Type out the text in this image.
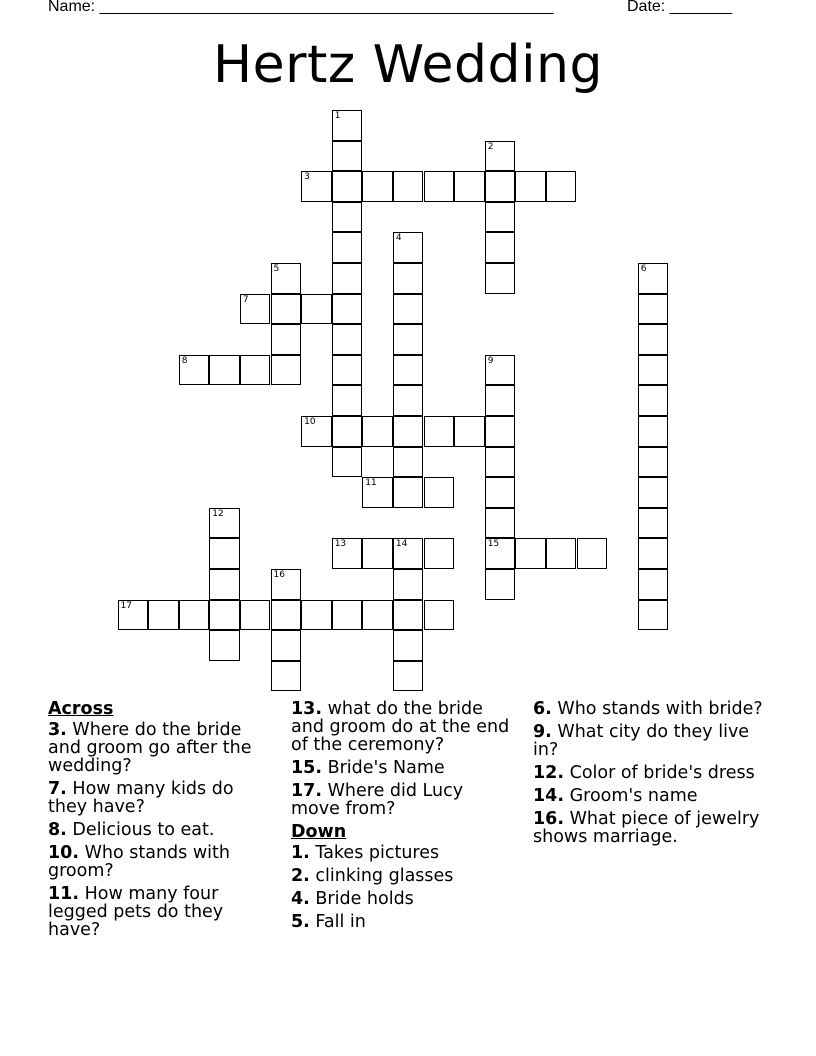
Name: ___________________________________________________	Date: _______
Hertz Wedding
1
2
3
4
5	6
7
8	9
15
10
11
12
13	14
16
17
Across
3. Where do the bride and groom go after the wedding?
7. How many kids do they have?
8. Delicious to eat.
10. Who stands with groom?
11. How many four legged pets do they have?
13. what do the bride and groom do at the end of the ceremony?
15. Bride's Name
17. Where did Lucy move from?
Down
1. Takes pictures
2. clinking glasses
4. Bride holds
5. Fall in
6. Who stands with bride?
9. What city do they live in?
12. Color of bride's dress
14. Groom's name
16. What piece of jewelry shows marriage.
